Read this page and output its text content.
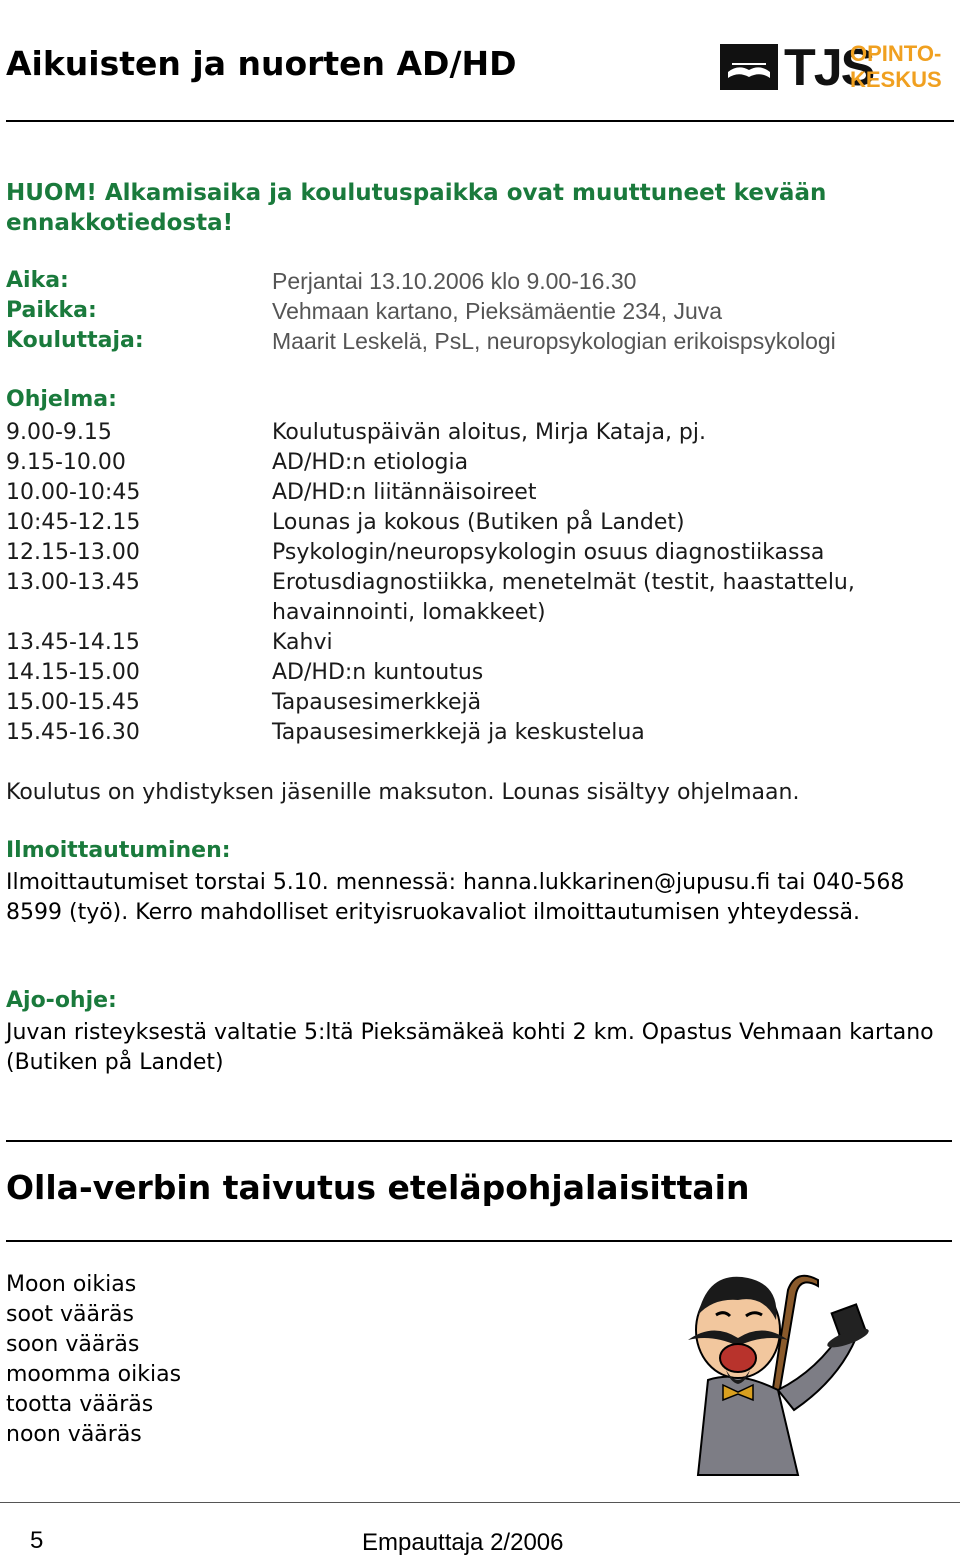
Aikuisten ja nuorten AD/HD	TJS
OPINTO-
KESKUS
HUOM! Alkamisaika ja koulutuspaikka ovat muuttuneet kevään ennakkotiedosta!
Aika:	Perjantai 13.10.2006 klo 9.00-16.30
Paikka:	Vehmaan kartano, Pieksämäentie 234, Juva
Kouluttaja:	Maarit Leskelä, PsL, neuropsykologian erikoispsykologi
Ohjelma:
9.00-9.15	Koulutuspäivän aloitus, Mirja Kataja, pj.
9.15-10.00	AD/HD:n etiologia
10.00-10:45	AD/HD:n liitännäisoireet
10:45-12.15	Lounas ja kokous (Butiken på Landet)
12.15-13.00	Psykologin/neuropsykologin osuus diagnostiikassa
13.00-13.45	Erotusdiagnostiikka, menetelmät (testit, haastattelu, havainnointi, lomakkeet)
13.45-14.15	Kahvi
14.15-15.00	AD/HD:n kuntoutus
15.00-15.45	Tapausesimerkkejä
15.45-16.30	Tapausesimerkkejä ja keskustelua
Koulutus on yhdistyksen jäsenille maksuton. Lounas sisältyy ohjelmaan.
Ilmoittautuminen:
Ilmoittautumiset torstai 5.10. mennessä: hanna.lukkarinen@jupusu.fi tai 040-568 8599 (työ). Kerro mahdolliset erityisruokavaliot ilmoittautumisen yhteydessä.
Ajo-ohje:
Juvan risteyksestä valtatie 5:ltä Pieksämäkeä kohti 2 km. Opastus Vehmaan kartano (Butiken på Landet)
Olla-verbin taivutus eteläpohjalaisittain
Moon oikias
soot vääräs
soon vääräs
moomma oikias
tootta vääräs
noon vääräs
5	Empauttaja 2/2006
